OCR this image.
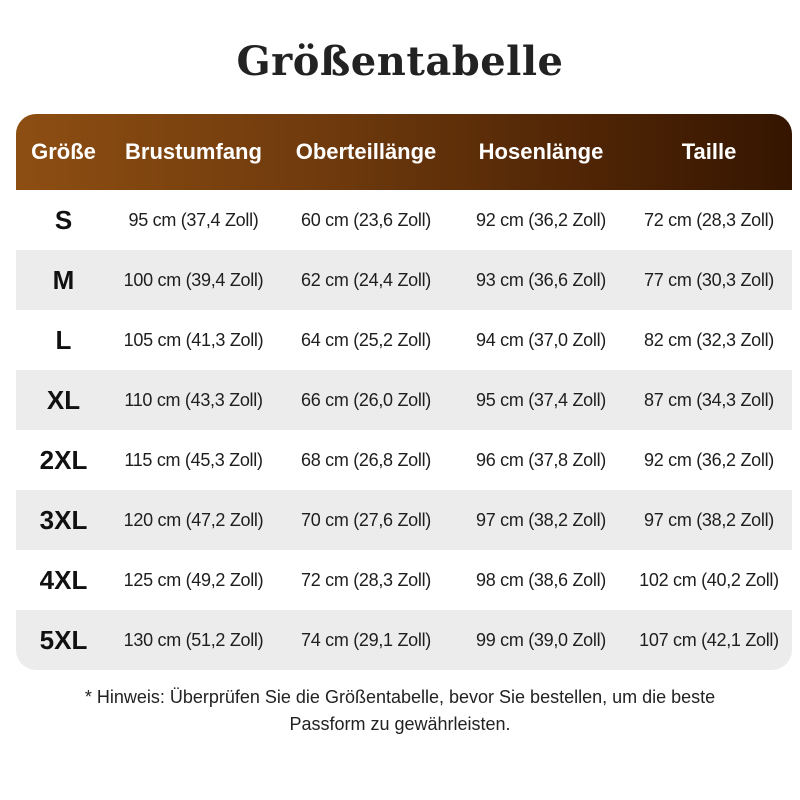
Größentabelle
Größe	Brustumfang	Oberteillänge	Hosenlänge	Taille
S	95 cm (37,4 Zoll)	60 cm (23,6 Zoll)	92 cm (36,2 Zoll)	72 cm (28,3 Zoll)
M	100 cm (39,4 Zoll)	62 cm (24,4 Zoll)	93 cm (36,6 Zoll)	77 cm (30,3 Zoll)
L	105 cm (41,3 Zoll)	64 cm (25,2 Zoll)	94 cm (37,0 Zoll)	82 cm (32,3 Zoll)
XL	110 cm (43,3 Zoll)	66 cm (26,0 Zoll)	95 cm (37,4 Zoll)	87 cm (34,3 Zoll)
2XL	115 cm (45,3 Zoll)	68 cm (26,8 Zoll)	96 cm (37,8 Zoll)	92 cm (36,2 Zoll)
3XL	120 cm (47,2 Zoll)	70 cm (27,6 Zoll)	97 cm (38,2 Zoll)	97 cm (38,2 Zoll)
4XL	125 cm (49,2 Zoll)	72 cm (28,3 Zoll)	98 cm (38,6 Zoll)	102 cm (40,2 Zoll)
5XL	130 cm (51,2 Zoll)	74 cm (29,1 Zoll)	99 cm (39,0 Zoll)	107 cm (42,1 Zoll)
* Hinweis: Überprüfen Sie die Größentabelle, bevor Sie bestellen, um die beste
Passform zu gewährleisten.
